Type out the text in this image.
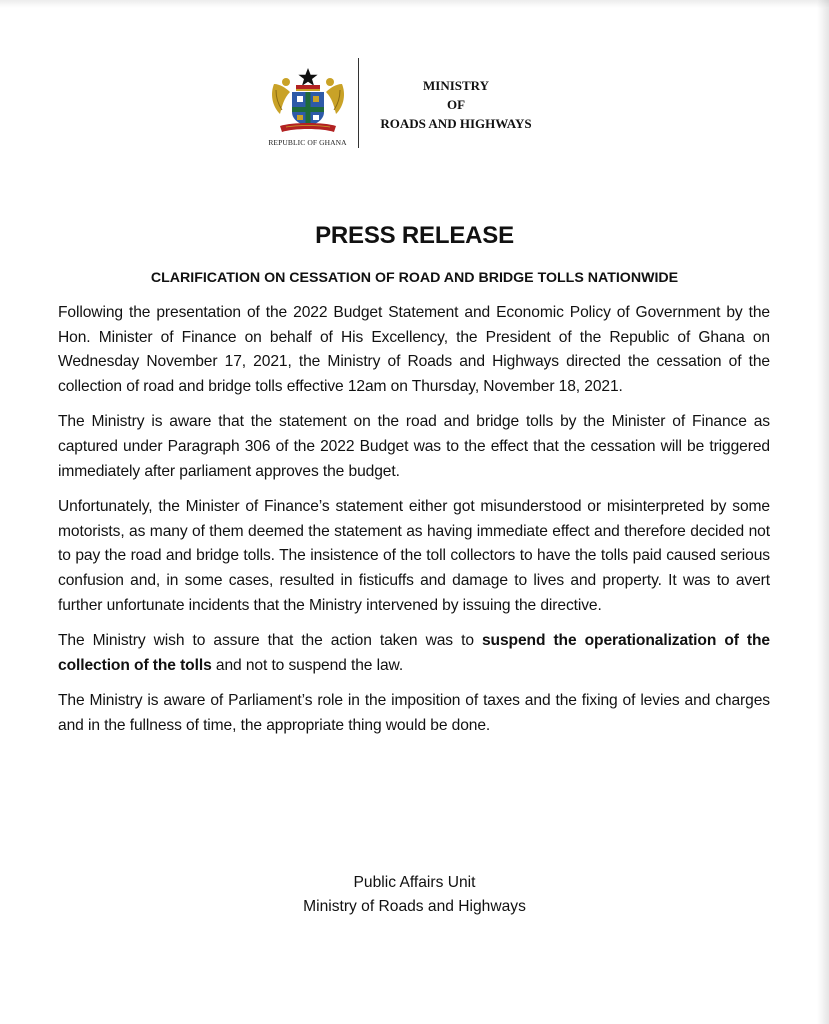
REPUBLIC OF GHANA
MINISTRY
OF
ROADS AND HIGHWAYS
PRESS RELEASE
CLARIFICATION ON CESSATION OF ROAD AND BRIDGE TOLLS NATIONWIDE

Following the presentation of the 2022 Budget Statement and Economic Policy of Government by the Hon. Minister of Finance on behalf of His Excellency, the President of the Republic of Ghana on Wednesday November 17, 2021, the Ministry of Roads and Highways directed the cessation of the collection of road and bridge tolls effective 12am on Thursday, November 18, 2021.

The Ministry is aware that the statement on the road and bridge tolls by the Minister of Finance as captured under Paragraph 306 of the 2022 Budget was to the effect that the cessation will be triggered immediately after parliament approves the budget.

Unfortunately, the Minister of Finance’s statement either got misunderstood or misinterpreted by some motorists, as many of them deemed the statement as having immediate effect and therefore decided not to pay the road and bridge tolls. The insistence of the toll collectors to have the tolls paid caused serious confusion and, in some cases, resulted in fisticuffs and damage to lives and property. It was to avert further unfortunate incidents that the Ministry intervened by issuing the directive.

The Ministry wish to assure that the action taken was to suspend the operationalization of the collection of the tolls and not to suspend the law.

The Ministry is aware of Parliament’s role in the imposition of taxes and the fixing of levies and charges and in the fullness of time, the appropriate thing would be done.

Public Affairs Unit
Ministry of Roads and Highways
